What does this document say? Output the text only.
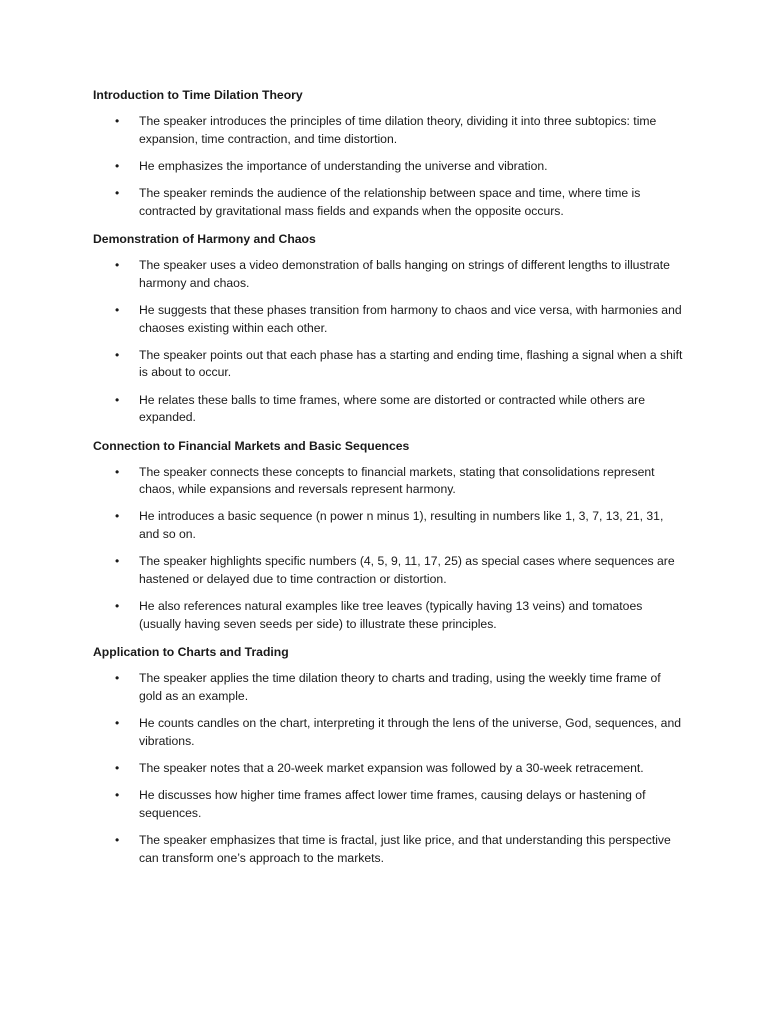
Introduction to Time Dilation Theory
• The speaker introduces the principles of time dilation theory, dividing it into three subtopics: time expansion, time contraction, and time distortion.
• He emphasizes the importance of understanding the universe and vibration.
• The speaker reminds the audience of the relationship between space and time, where time is contracted by gravitational mass fields and expands when the opposite occurs.
Demonstration of Harmony and Chaos
• The speaker uses a video demonstration of balls hanging on strings of different lengths to illustrate harmony and chaos.
• He suggests that these phases transition from harmony to chaos and vice versa, with harmonies and chaoses existing within each other.
• The speaker points out that each phase has a starting and ending time, flashing a signal when a shift is about to occur.
• He relates these balls to time frames, where some are distorted or contracted while others are expanded.
Connection to Financial Markets and Basic Sequences
• The speaker connects these concepts to financial markets, stating that consolidations represent chaos, while expansions and reversals represent harmony.
• He introduces a basic sequence (n power n minus 1), resulting in numbers like 1, 3, 7, 13, 21, 31, and so on.
• The speaker highlights specific numbers (4, 5, 9, 11, 17, 25) as special cases where sequences are hastened or delayed due to time contraction or distortion.
• He also references natural examples like tree leaves (typically having 13 veins) and tomatoes (usually having seven seeds per side) to illustrate these principles.
Application to Charts and Trading
• The speaker applies the time dilation theory to charts and trading, using the weekly time frame of gold as an example.
• He counts candles on the chart, interpreting it through the lens of the universe, God, sequences, and vibrations.
• The speaker notes that a 20-week market expansion was followed by a 30-week retracement.
• He discusses how higher time frames affect lower time frames, causing delays or hastening of sequences.
• The speaker emphasizes that time is fractal, just like price, and that understanding this perspective can transform one’s approach to the markets.
